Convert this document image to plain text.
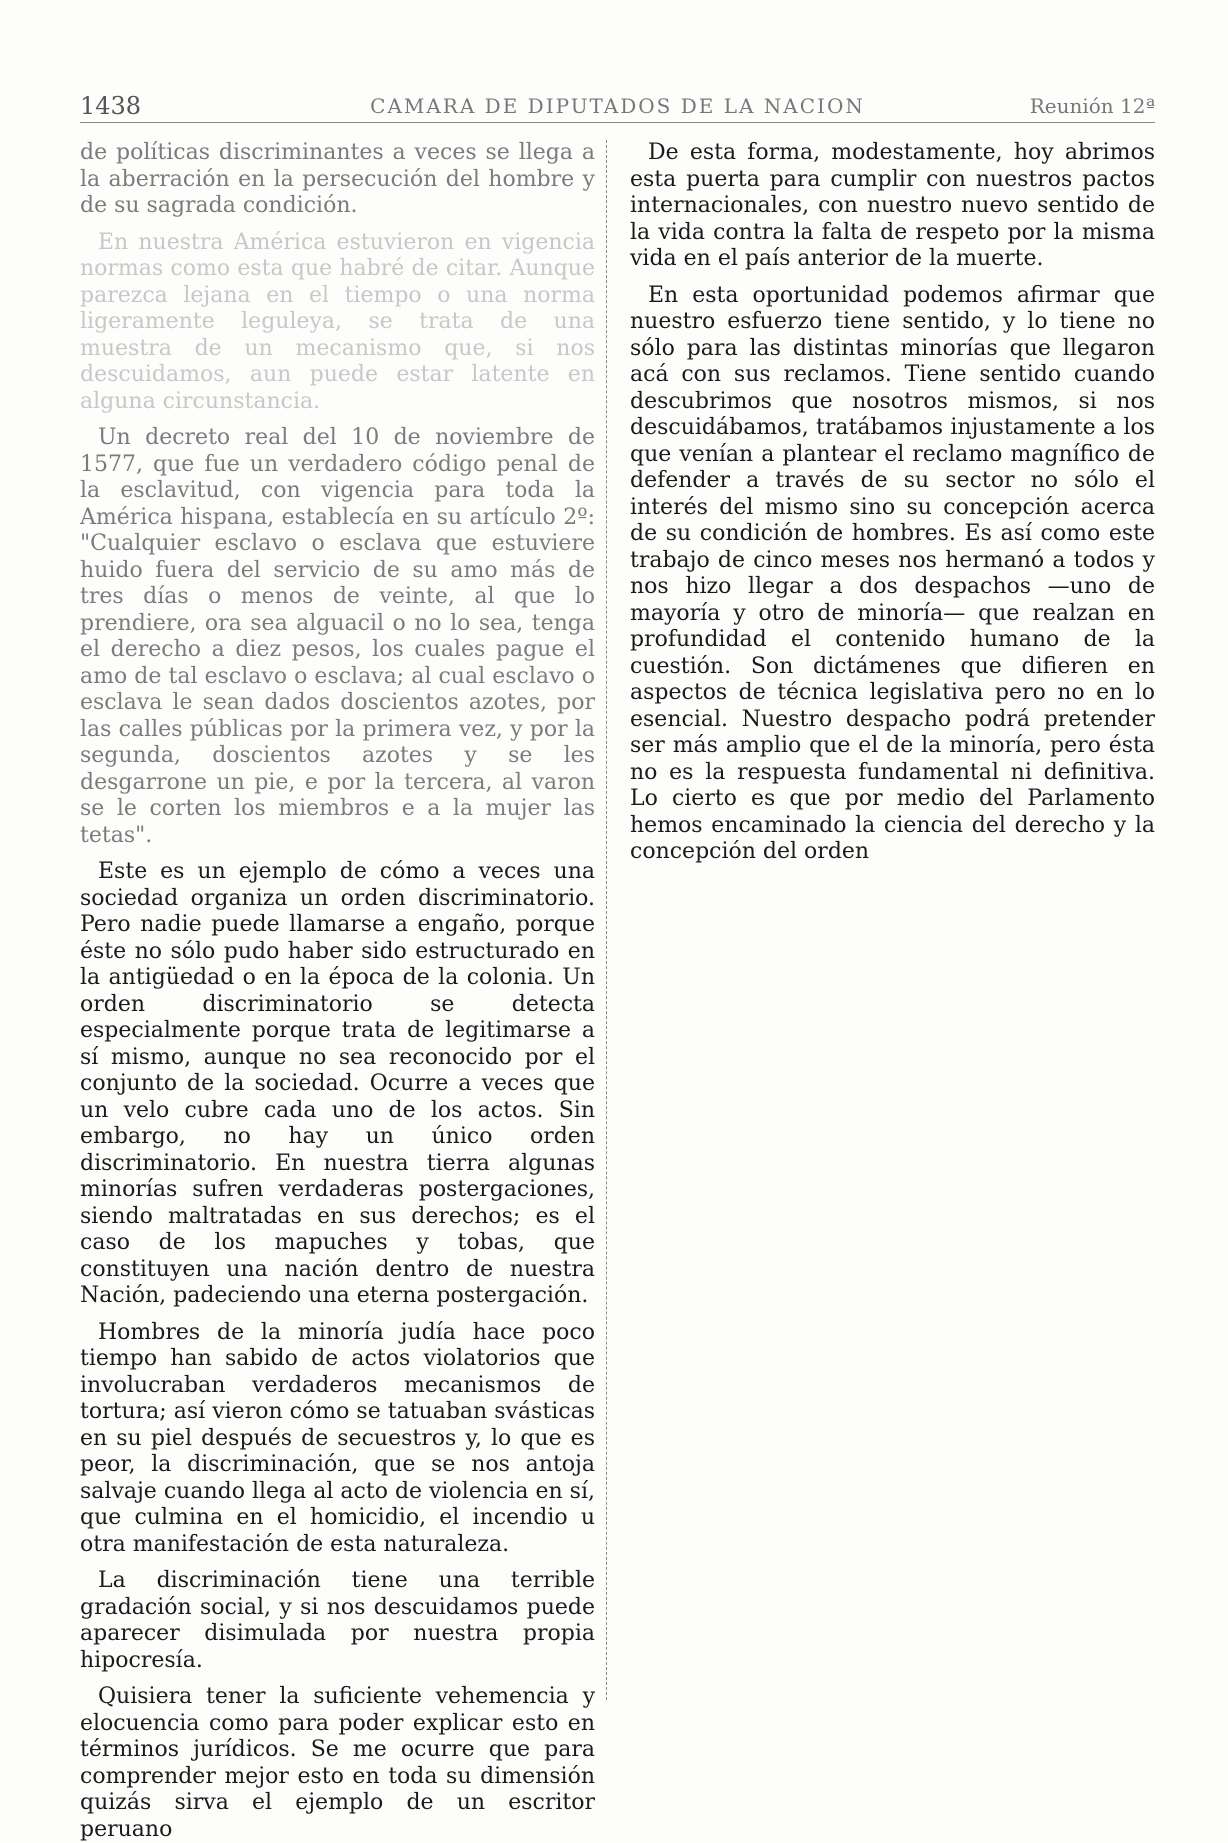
1438	CAMARA DE DIPUTADOS DE LA NACION	Reunión 12ª

de políticas discriminantes a veces se llega a la aberración en la persecución del hombre y de su sagrada condición.

En nuestra América estuvieron en vigencia normas como esta que habré de citar. Aunque parezca lejana en el tiempo o una norma ligeramente leguleya, se trata de una muestra de un mecanismo que, si nos descuidamos, aun puede estar latente en alguna circunstancia.

Un decreto real del 10 de noviembre de 1577, que fue un verdadero código penal de la esclavitud, con vigencia para toda la América hispana, establecía en su artículo 2º: "Cualquier esclavo o esclava que estuviere huido fuera del servicio de su amo más de tres días o menos de veinte, al que lo prendiere, ora sea alguacil o no lo sea, tenga el derecho a diez pesos, los cuales pague el amo de tal esclavo o esclava; al cual esclavo o esclava le sean dados doscientos azotes, por las calles públicas por la primera vez, y por la segunda, doscientos azotes y se les desgarrone un pie, e por la tercera, al varon se le corten los miembros e a la mujer las tetas".

Este es un ejemplo de cómo a veces una sociedad organiza un orden discriminatorio. Pero nadie puede llamarse a engaño, porque éste no sólo pudo haber sido estructurado en la antigüedad o en la época de la colonia. Un orden discriminatorio se detecta especialmente porque trata de legitimarse a sí mismo, aunque no sea reconocido por el conjunto de la sociedad. Ocurre a veces que un velo cubre cada uno de los actos. Sin embargo, no hay un único orden discriminatorio. En nuestra tierra algunas minorías sufren verdaderas postergaciones, siendo maltratadas en sus derechos; es el caso de los mapuches y tobas, que constituyen una nación dentro de nuestra Nación, padeciendo una eterna postergación.

Hombres de la minoría judía hace poco tiempo han sabido de actos violatorios que involucraban verdaderos mecanismos de tortura; así vieron cómo se tatuaban svásticas en su piel después de secuestros y, lo que es peor, la discriminación, que se nos antoja salvaje cuando llega al acto de violencia en sí, que culmina en el homicidio, el incendio u otra manifestación de esta naturaleza.

La discriminación tiene una terrible gradación social, y si nos descuidamos puede aparecer disimulada por nuestra propia hipocresía.

Quisiera tener la suficiente vehemencia y elocuencia como para poder explicar esto en términos jurídicos. Se me ocurre que para comprender mejor esto en toda su dimensión quizás sirva el ejemplo de un escritor peruano

De esta forma, modestamente, hoy abrimos esta puerta para cumplir con nuestros pactos internacionales, con nuestro nuevo sentido de la vida contra la falta de respeto por la misma vida en el país anterior de la muerte.

En esta oportunidad podemos afirmar que nuestro esfuerzo tiene sentido, y lo tiene no sólo para las distintas minorías que llegaron acá con sus reclamos. Tiene sentido cuando descubrimos que nosotros mismos, si nos descuidábamos, tratábamos injustamente a los que venían a plantear el reclamo magnífico de defender a través de su sector no sólo el interés del mismo sino su concepción acerca de su condición de hombres. Es así como este trabajo de cinco meses nos hermanó a todos y nos hizo llegar a dos despachos —uno de mayoría y otro de minoría— que realzan en profundidad el contenido humano de la cuestión. Son dictámenes que difieren en aspectos de técnica legislativa pero no en lo esencial. Nuestro despacho podrá pretender ser más amplio que el de la minoría, pero ésta no es la respuesta fundamental ni definitiva. Lo cierto es que por medio del Parlamento hemos encaminado la ciencia del derecho y la concepción del orden
